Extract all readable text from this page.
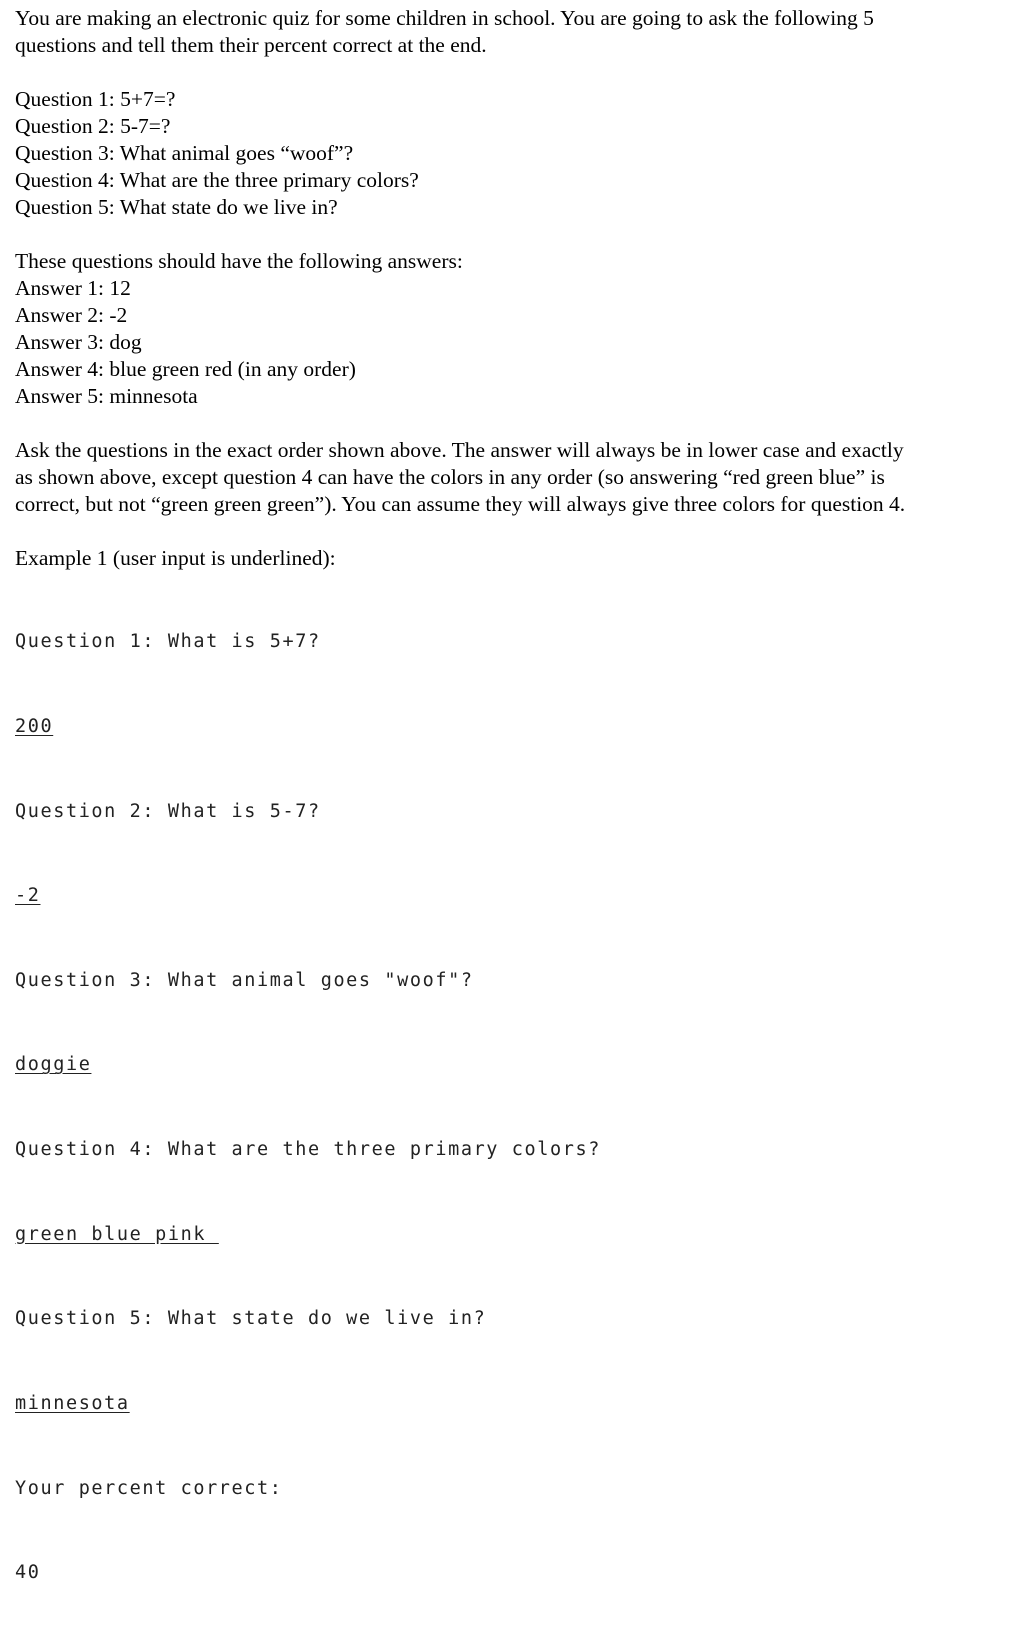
You are making an electronic quiz for some children in school. You are going to ask the following 5
questions and tell them their percent correct at the end.
Question 1: 5+7=?
Question 2: 5-7=?
Question 3: What animal goes “woof”?
Question 4: What are the three primary colors?
Question 5: What state do we live in?
These questions should have the following answers:
Answer 1: 12
Answer 2: -2
Answer 3: dog
Answer 4: blue green red (in any order)
Answer 5: minnesota
Ask the questions in the exact order shown above. The answer will always be in lower case and exactly
as shown above, except question 4 can have the colors in any order (so answering “red green blue” is
correct, but not “green green green”). You can assume they will always give three colors for question 4.
Example 1 (user input is underlined):

Question 1: What is 5+7?

200

Question 2: What is 5-7?

-2

Question 3: What animal goes "woof"?

doggie

Question 4: What are the three primary colors?

green blue pink

Question 5: What state do we live in?

minnesota

Your percent correct:

40
